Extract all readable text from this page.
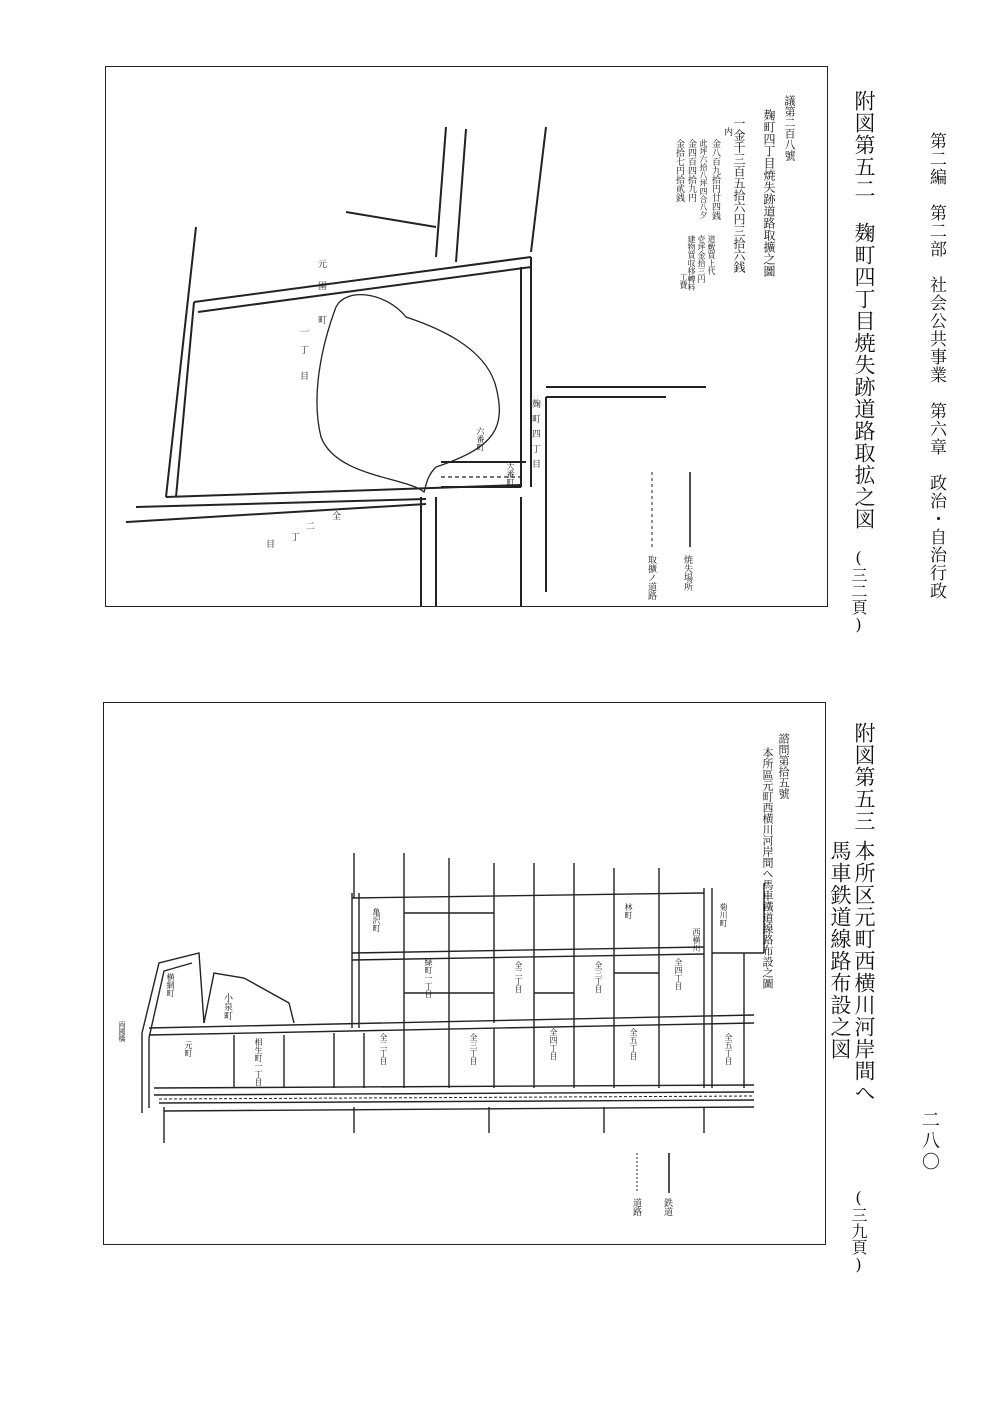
第二編　第二部　社会公共事業　第六章　政治・自治行政
二八〇
元
園
町
一
丁
目
麹
町
四
丁
目
全
二
丁
目
議第二百八號
麹町四丁目焼失跡道路取擴之圖
一金千三百五拾六円三拾六銭
内
金八百九拾円廿四銭
此坪六拾八坪四合八夕
金四百四拾九円
金拾七円拾貮銭
道敷買上代
壱坪金拾三円
建物買収移轉料
工費
焼失場所
取擴ノ道路
六番町
大番町	附図第五二　麹町四丁目焼失跡道路取拡之図
(三二頁)
諮問第拾五號
本所區元町西横川河岸間へ馬車鐵道線路布設之圖
小泉町
横網町
元町	相生町一丁目	全二丁目	全三丁目	全四丁目	全五丁目
緑町一丁目	全二丁目	全三丁目	全四丁目
全五丁目
亀沢町	林町	菊川町
西横川
両國橋
鉄道
道路
附図第五三
本所区元町西横川河岸間へ
馬車鉄道線路布設之図
(三九頁)
